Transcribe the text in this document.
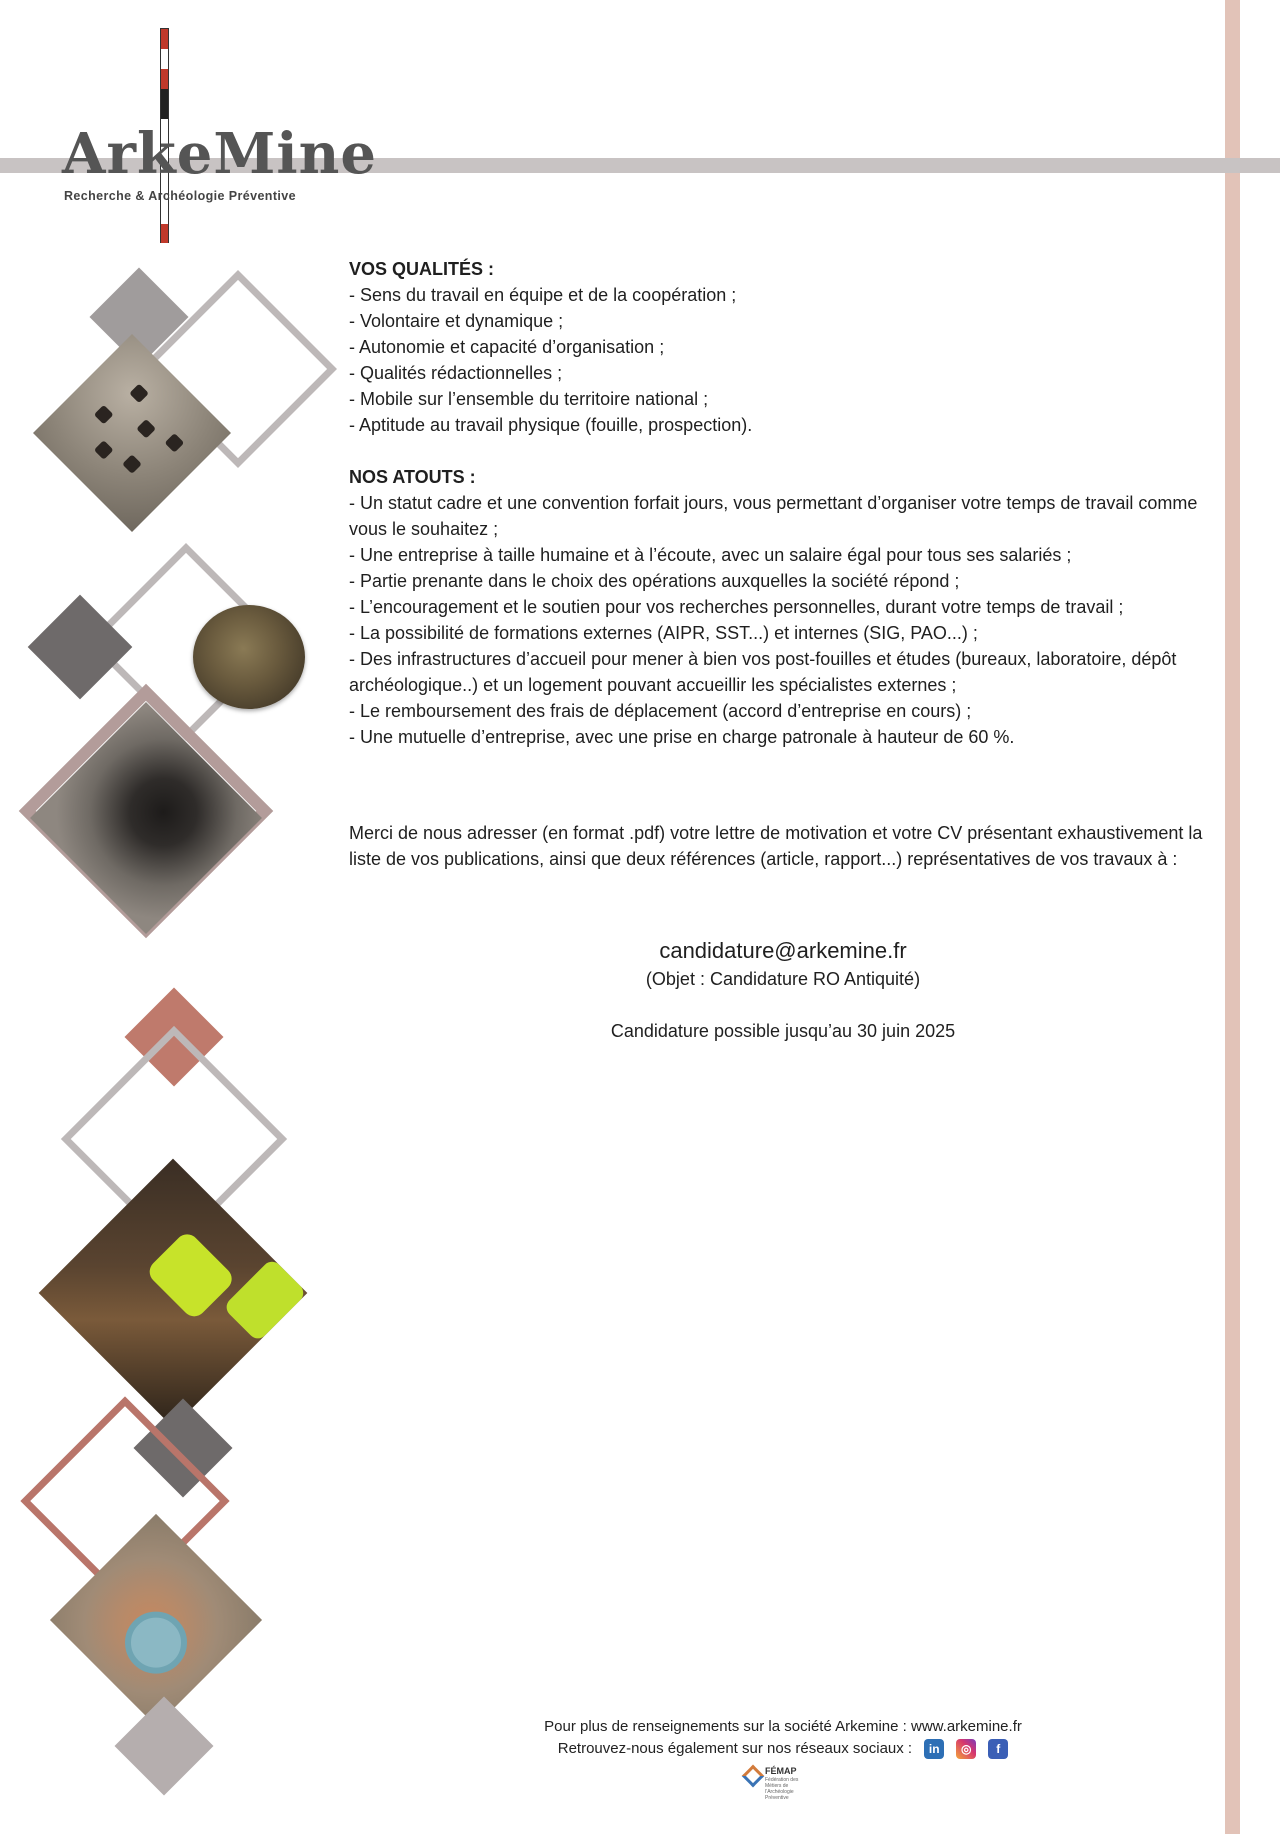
ArkeMine
Recherche & Archéologie Préventive
VOS QUALITÉS :
- Sens du travail en équipe et de la coopération ;
- Volontaire et dynamique ;
- Autonomie et capacité d’organisation ;
- Qualités rédactionnelles ;
- Mobile sur l’ensemble du territoire national ;
- Aptitude au travail physique (fouille, prospection).
NOS ATOUTS :
- Un statut cadre et une convention forfait jours, vous permettant d’organiser votre temps de travail comme vous le souhaitez ;
- Une entreprise à taille humaine et à l’écoute, avec un salaire égal pour tous ses salariés ;
- Partie prenante dans le choix des opérations auxquelles la société répond ;
- L’encouragement et le soutien pour vos recherches personnelles, durant votre temps de travail ;
- La possibilité de formations externes (AIPR, SST...) et internes (SIG, PAO...) ;
- Des infrastructures d’accueil pour mener à bien vos post-fouilles et études (bureaux, laboratoire, dépôt archéologique..) et un logement pouvant accueillir les spécialistes externes ;
- Le remboursement des frais de déplacement (accord d’entreprise en cours) ;
- Une mutuelle d’entreprise, avec une prise en charge patronale à hauteur de 60 %.
Merci de nous adresser (en format .pdf) votre lettre de motivation et votre CV présentant exhaustivement la liste de vos publications, ainsi que deux références (article, rapport...) représentatives de vos travaux à :
candidature@arkemine.fr
(Objet : Candidature RO Antiquité)
Candidature possible jusqu’au 30 juin 2025
Pour plus de renseignements sur la société Arkemine : www.arkemine.fr
Retrouvez-nous également sur nos réseaux sociaux :	in	◎	f
FÉMAP
Fédération des Métiers de l’Archéologie Préventive
